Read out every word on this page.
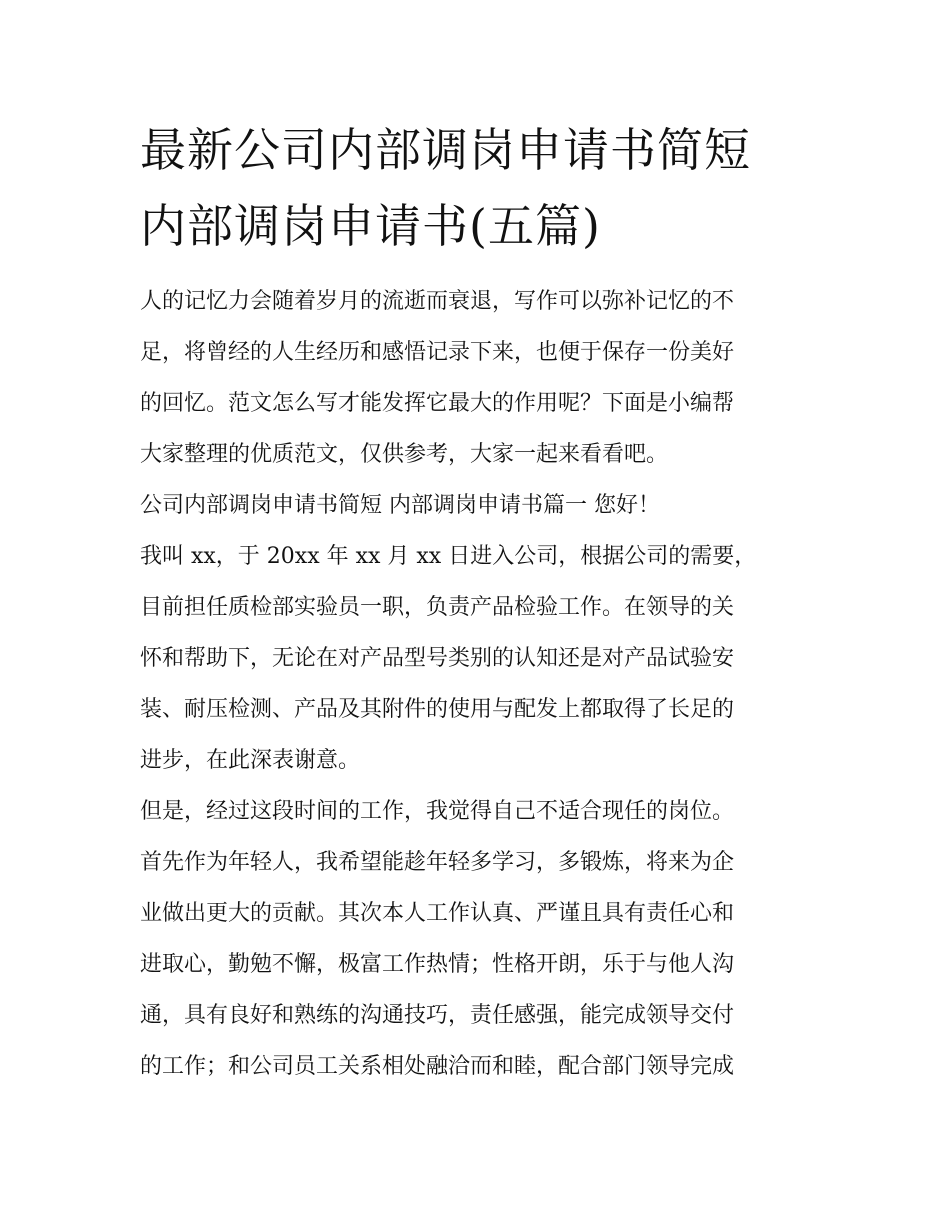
最新公司内部调岗申请书简短
内部调岗申请书(五篇)
人的记忆力会随着岁月的流逝而衰退，写作可以弥补记忆的不
足，将曾经的人生经历和感悟记录下来，也便于保存一份美好
的回忆。范文怎么写才能发挥它最大的作用呢？下面是小编帮
大家整理的优质范文，仅供参考，大家一起来看看吧。
公司内部调岗申请书简短 内部调岗申请书篇一 您好！
我叫 xx，于 20xx 年 xx 月 xx 日进入公司，根据公司的需要，
目前担任质检部实验员一职，负责产品检验工作。在领导的关
怀和帮助下，无论在对产品型号类别的认知还是对产品试验安
装、耐压检测、产品及其附件的使用与配发上都取得了长足的
进步，在此深表谢意。
但是，经过这段时间的工作，我觉得自己不适合现任的岗位。
首先作为年轻人，我希望能趁年轻多学习，多锻炼，将来为企
业做出更大的贡献。其次本人工作认真、严谨且具有责任心和
进取心，勤勉不懈，极富工作热情；性格开朗，乐于与他人沟
通，具有良好和熟练的沟通技巧，责任感强，能完成领导交付
的工作；和公司员工关系相处融洽而和睦，配合部门领导完成
